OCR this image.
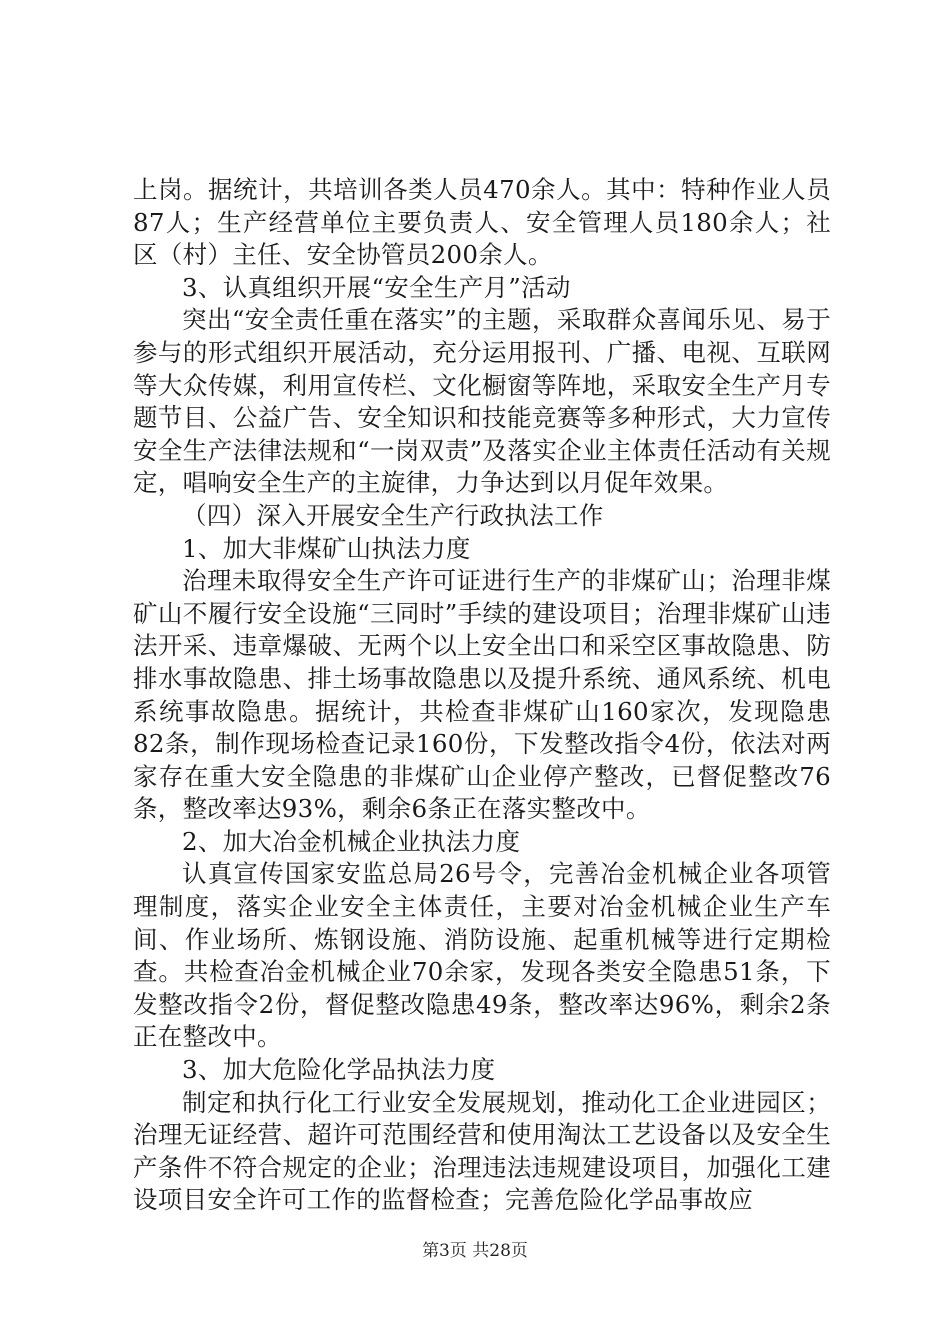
上岗。据统计，共培训各类人员470余人。其中：特种作业人员87人；生产经营单位主要负责人、安全管理人员180余人；社区（村）主任、安全协管员200余人。

3、认真组织开展“安全生产月”活动

突出“安全责任重在落实”的主题，采取群众喜闻乐见、易于参与的形式组织开展活动，充分运用报刊、广播、电视、互联网等大众传媒，利用宣传栏、文化橱窗等阵地，采取安全生产月专题节目、公益广告、安全知识和技能竞赛等多种形式，大力宣传安全生产法律法规和“一岗双责”及落实企业主体责任活动有关规定，唱响安全生产的主旋律，力争达到以月促年效果。

（四）深入开展安全生产行政执法工作

1、加大非煤矿山执法力度

治理未取得安全生产许可证进行生产的非煤矿山；治理非煤矿山不履行安全设施“三同时”手续的建设项目；治理非煤矿山违法开采、违章爆破、无两个以上安全出口和采空区事故隐患、防排水事故隐患、排土场事故隐患以及提升系统、通风系统、机电系统事故隐患。据统计，共检查非煤矿山160家次，发现隐患82条，制作现场检查记录160份，下发整改指令4份，依法对两家存在重大安全隐患的非煤矿山企业停产整改，已督促整改76条，整改率达93%，剩余6条正在落实整改中。

2、加大冶金机械企业执法力度

认真宣传国家安监总局26号令，完善冶金机械企业各项管理制度，落实企业安全主体责任，主要对冶金机械企业生产车间、作业场所、炼钢设施、消防设施、起重机械等进行定期检查。共检查冶金机械企业70余家，发现各类安全隐患51条，下发整改指令2份，督促整改隐患49条，整改率达96%，剩余2条正在整改中。

3、加大危险化学品执法力度

制定和执行化工行业安全发展规划，推动化工企业进园区；治理无证经营、超许可范围经营和使用淘汰工艺设备以及安全生产条件不符合规定的企业；治理违法违规建设项目，加强化工建设项目安全许可工作的监督检查；完善危险化学品事故应

第3页 共28页
